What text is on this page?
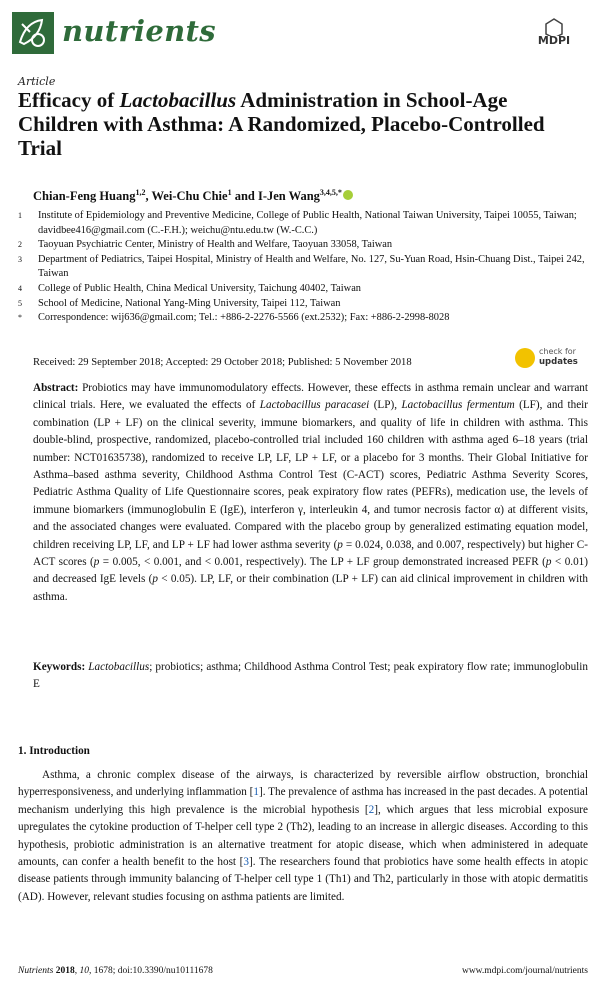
nutrients	MDPI
Article
Efficacy of Lactobacillus Administration in School-Age Children with Asthma: A Randomized, Placebo-Controlled Trial
Chian-Feng Huang$^{1,2}$, Wei-Chu Chie$^1$ and I-Jen Wang$^{3,4,5,*}$
1	Institute of Epidemiology and Preventive Medicine, College of Public Health, National Taiwan University, Taipei 10055, Taiwan; davidbee416@gmail.com (C.-F.H.); weichu@ntu.edu.tw (W.-C.C.)
2	Taoyuan Psychiatric Center, Ministry of Health and Welfare, Taoyuan 33058, Taiwan
3	Department of Pediatrics, Taipei Hospital, Ministry of Health and Welfare, No. 127, Su-Yuan Road, Hsin-Chuang Dist., Taipei 242, Taiwan
4	College of Public Health, China Medical University, Taichung 40402, Taiwan
5	School of Medicine, National Yang-Ming University, Taipei 112, Taiwan
*	Correspondence: wij636@gmail.com; Tel.: +886-2-2276-5566 (ext.2532); Fax: +886-2-2998-8028
Received: 29 September 2018; Accepted: 29 October 2018; Published: 5 November 2018
check for
updates
Abstract: Probiotics may have immunomodulatory effects. However, these effects in asthma remain unclear and warrant clinical trials. Here, we evaluated the effects of Lactobacillus paracasei (LP), Lactobacillus fermentum (LF), and their combination (LP + LF) on the clinical severity, immune biomarkers, and quality of life in children with asthma. This double-blind, prospective, randomized, placebo-controlled trial included 160 children with asthma aged 6–18 years (trial number: NCT01635738), randomized to receive LP, LF, LP + LF, or a placebo for 3 months. Their Global Initiative for Asthma–based asthma severity, Childhood Asthma Control Test (C-ACT) scores, Pediatric Asthma Severity Scores, Pediatric Asthma Quality of Life Questionnaire scores, peak expiratory flow rates (PEFRs), medication use, the levels of immune biomarkers (immunoglobulin E (IgE), interferon γ, interleukin 4, and tumor necrosis factor α) at different visits, and the associated changes were evaluated. Compared with the placebo group by generalized estimating equation model, children receiving LP, LF, and LP + LF had lower asthma severity (p = 0.024, 0.038, and 0.007, respectively) but higher C-ACT scores (p = 0.005, < 0.001, and < 0.001, respectively). The LP + LF group demonstrated increased PEFR (p < 0.01) and decreased IgE levels (p < 0.05). LP, LF, or their combination (LP + LF) can aid clinical improvement in children with asthma.
Keywords: Lactobacillus; probiotics; asthma; Childhood Asthma Control Test; peak expiratory flow rate; immunoglobulin E
1. Introduction
Asthma, a chronic complex disease of the airways, is characterized by reversible airflow obstruction, bronchial hyperresponsiveness, and underlying inflammation [1]. The prevalence of asthma has increased in the past decades. A potential mechanism underlying this high prevalence is the microbial hypothesis [2], which argues that less microbial exposure upregulates the cytokine production of T-helper cell type 2 (Th2), leading to an increase in allergic diseases. According to this hypothesis, probiotic administration is an alternative treatment for atopic disease, which when administered in adequate amounts, can confer a health benefit to the host [3]. The researchers found that probiotics have some health effects in atopic disease patients through immunity balancing of T-helper cell type 1 (Th1) and Th2, particularly in those with atopic dermatitis (AD). However, relevant studies focusing on asthma patients are limited.
Nutrients 2018, 10, 1678; doi:10.3390/nu10111678	www.mdpi.com/journal/nutrients
